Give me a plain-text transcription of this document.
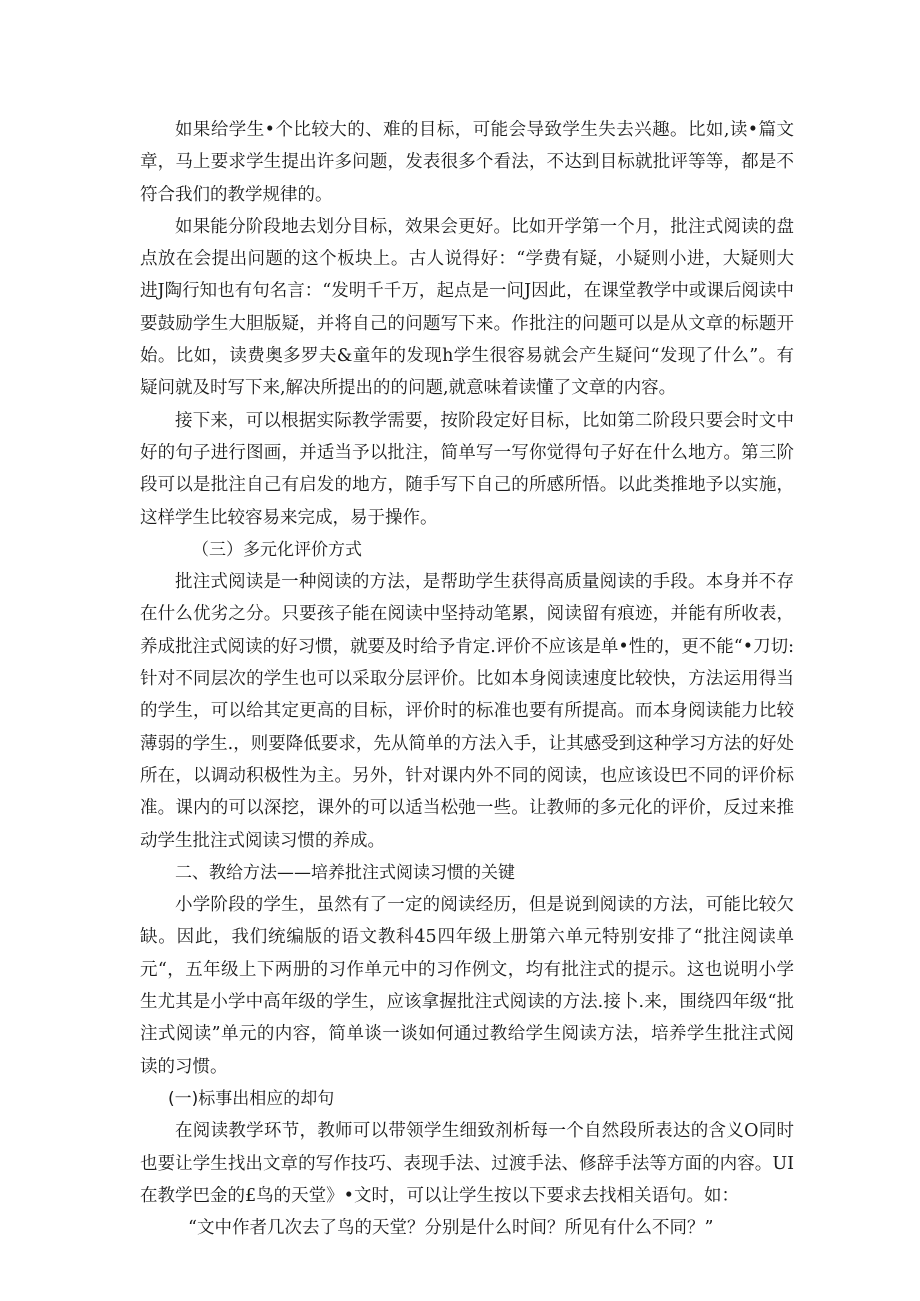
如果给学生•个比较大的、难的目标，可能会导致学生失去兴趣。比如,读•篇文章，马上要求学生提出许多问题，发表很多个看法，不达到目标就批评等等，都是不符合我们的教学规律的。

如果能分阶段地去划分目标，效果会更好。比如开学第一个月，批注式阅读的盘点放在会提出问题的这个板块上。古人说得好：“学费有疑，小疑则小进，大疑则大进J陶行知也有句名言：“发明千千万，起点是一问J因此，在课堂教学中或课后阅读中要鼓励学生大胆版疑，并将自己的问题写下来。作批注的问题可以是从文章的标题开始。比如，读费奥多罗夫&童年的发现h学生很容易就会产生疑问“发现了什么”。有疑问就及时写下来,解决所提出的的问题,就意味着读懂了文章的内容。

接下来，可以根据实际教学需要，按阶段定好目标，比如第二阶段只要会时文中好的句子进行图画，并适当予以批注，简单写一写你觉得句子好在什么地方。第三阶段可以是批注自己有启发的地方，随手写下自己的所感所悟。以此类推地予以实施，这样学生比较容易来完成，易于操作。

（三）多元化评价方式

批注式阅读是一种阅读的方法，是帮助学生获得高质量阅读的手段。本身并不存在什么优劣之分。只要孩子能在阅读中坚持动笔累，阅读留有痕迹，并能有所收表，养成批注式阅读的好习惯，就要及时给予肯定.评价不应该是单•性的，更不能“•刀切:针对不同层次的学生也可以采取分层评价。比如本身阅读速度比较快，方法运用得当的学生，可以给其定更高的目标，评价时的标准也要有所提高。而本身阅读能力比较薄弱的学生.，则要降低要求，先从简单的方法入手，让其感受到这种学习方法的好处所在，以调动积极性为主。另外，针对课内外不同的阅读，也应该设巴不同的评价标准。课内的可以深挖，课外的可以适当松弛一些。让教师的多元化的评价，反过来推动学生批注式阅读习惯的养成。

二、教给方法——培养批注式阅读习惯的关键

小学阶段的学生，虽然有了一定的阅读经历，但是说到阅读的方法，可能比较欠缺。因此，我们统编版的语文教科45四年级上册第六单元特别安排了“批注阅读单元“，五年级上下两册的习作单元中的习作例文，均有批注式的提示。这也说明小学生尤其是小学中高年级的学生，应该拿握批注式阅读的方法.接卜.来，围绕四年级“批注式阅读”单元的内容，简单谈一谈如何通过教给学生阅读方法，培养学生批注式阅读的习惯。

(一)标事出相应的却句

在阅读教学环节，教师可以带领学生细致剂析每一个自然段所表达的含义O同时也要让学生找出文章的写作技巧、表现手法、过渡手法、修辞手法等方面的内容。UI在教学巴金的£鸟的天堂》•文时，可以让学生按以下要求去找相关语句。如：

“文中作者几次去了鸟的天堂？分别是什么时间？所见有什么不同？”
